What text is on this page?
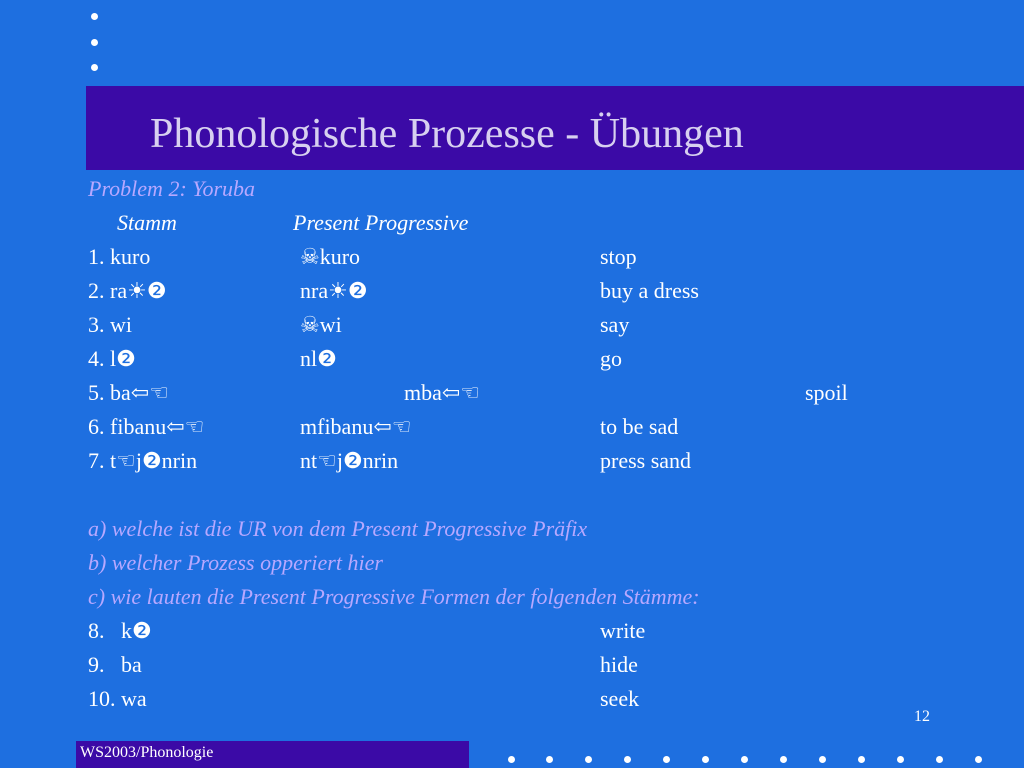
Phonologische Prozesse - Übungen
Problem 2: Yoruba
Stamm	Present Progressive
1. kuro	☠kuro	stop
2. ra☀❷	nra☀❷	buy a dress
3. wi	☠wi	say
4. l❷	nl❷	go
5. ba⇦☜	mba⇦☜	spoil
6. fibanu⇦☜	mfibanu⇦☜	to be sad
7. t☜j❷nrin	nt☜j❷nrin	press sand
a) welche ist die UR von dem Present Progressive Präfix
b) welcher Prozess opperiert hier
c) wie lauten die Present Progressive Formen der folgenden Stämme:
8.   k❷	write
9.   ba	hide
10. wa	seek
12
WS2003/Phonologie
